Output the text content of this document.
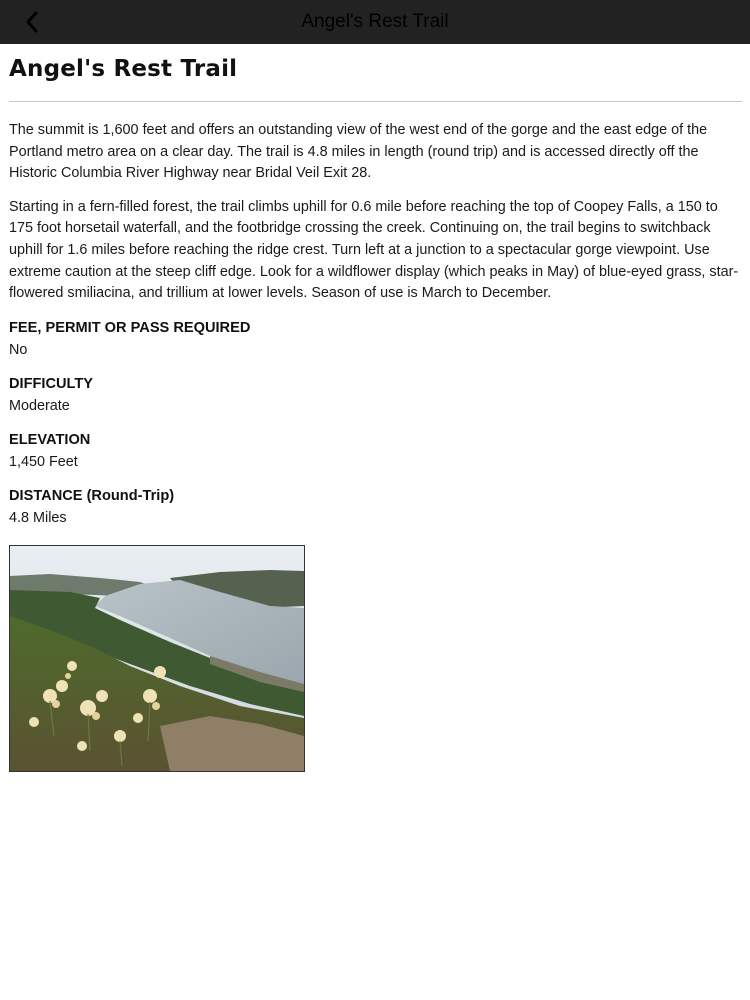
Angel's Rest Trail
Angel's Rest Trail

The summit is 1,600 feet and offers an outstanding view of the west end of the gorge and the east edge of the Portland metro area on a clear day. The trail is 4.8 miles in length (round trip) and is accessed directly off the Historic Columbia River Highway near Bridal Veil Exit 28.

Starting in a fern-filled forest, the trail climbs uphill for 0.6 mile before reaching the top of Coopey Falls, a 150 to 175 foot horsetail waterfall, and the footbridge crossing the creek. Continuing on, the trail begins to switchback uphill for 1.6 miles before reaching the ridge crest. Turn left at a junction to a spectacular gorge viewpoint. Use extreme caution at the steep cliff edge. Look for a wildflower display (which peaks in May) of blue-eyed grass, star-flowered smiliacina, and trillium at lower levels. Season of use is March to December.

FEE, PERMIT OR PASS REQUIRED
No
DIFFICULTY
Moderate
ELEVATION
1,450 Feet
DISTANCE (Round-Trip)
4.8 Miles
